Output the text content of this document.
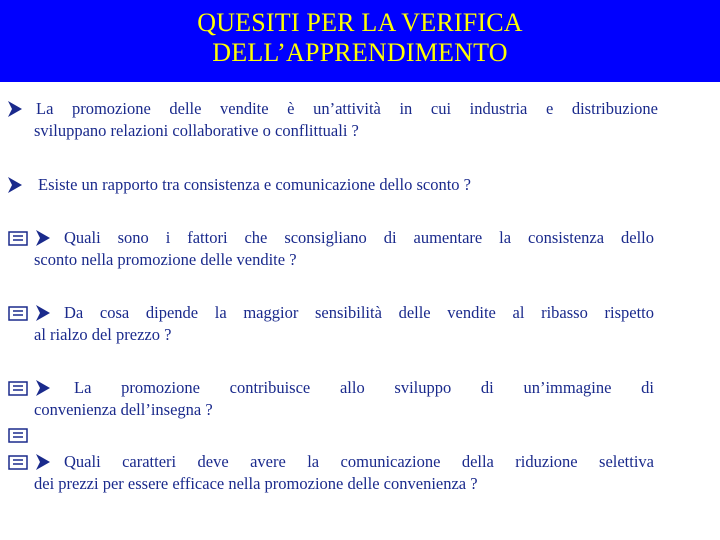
QUESITI PER LA VERIFICA
DELL’APPRENDIMENTO
La promozione delle vendite è un’attività in cui industria e distribuzione
sviluppano relazioni collaborative o conflittuali ?
Esiste un rapporto tra consistenza e comunicazione dello sconto ?
Quali sono i fattori che sconsigliano di aumentare la consistenza dello
sconto nella promozione delle vendite ?
Da cosa dipende la maggior sensibilità delle vendite al ribasso rispetto
al rialzo del prezzo ?
La promozione contribuisce allo sviluppo di un’immagine di
convenienza dell’insegna ?
Quali caratteri deve avere la comunicazione della riduzione selettiva
dei prezzi per essere efficace nella promozione delle convenienza ?
